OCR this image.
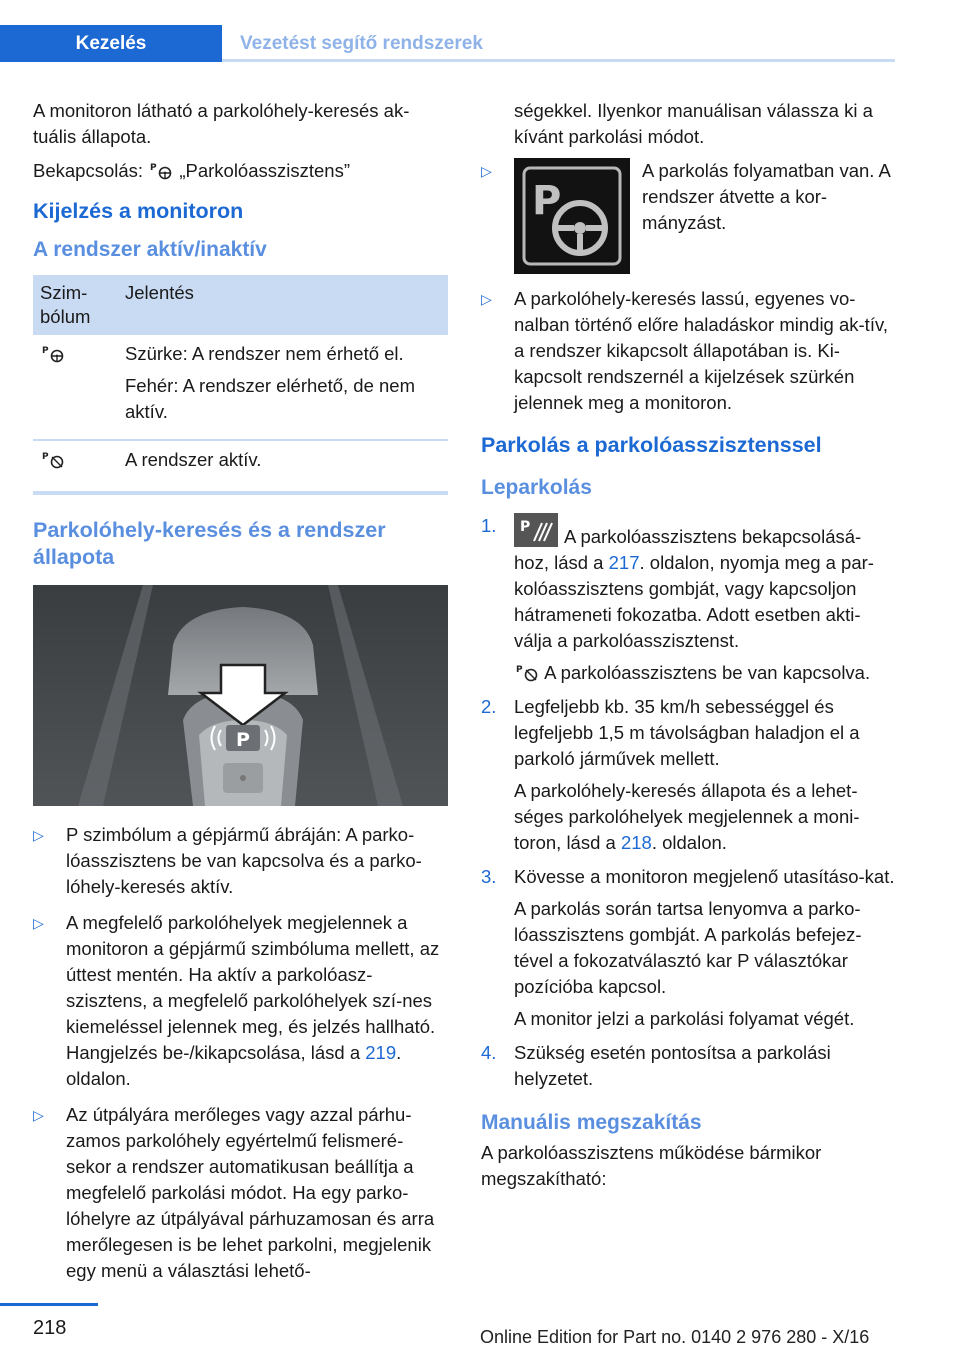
Kezelés	Vezetést segítő rendszerek

A monitoron látható a parkolóhely-keresés ak-tuális állapota.

Bekapcsolás: P „Parkolóasszisztens”

Kijelzés a monitoron
A rendszer aktív/inaktív
Szim-bólum	Jelentés

P	Szürke: A rendszer nem érhető el.

Fehér: A rendszer elérhető, de nem aktív.

P	A rendszer aktív.
Parkolóhely-keresés és a rendszer állapota
P
▷ P szimbólum a gépjármű ábráján: A parko-lóasszisztens be van kapcsolva és a parko-lóhely-keresés aktív.
▷ A megfelelő parkolóhelyek megjelennek a monitoron a gépjármű szimbóluma mellett, az úttest mentén. Ha aktív a parkolóasz-szisztens, a megfelelő parkolóhelyek szí-nes kiemeléssel jelennek meg, és jelzés hallható. Hangjelzés be-/kikapcsolása, lásd a 219. oldalon.
▷ Az útpályára merőleges vagy azzal párhu-zamos parkolóhely egyértelmű felismeré-sekor a rendszer automatikusan beállítja a megfelelő parkolási módot. Ha egy parko-lóhelyre az útpályával párhuzamosan és arra merőlegesen is be lehet parkolni, megjelenik egy menü a választási lehető-

ségekkel. Ilyenkor manuálisan válassza ki a kívánt parkolási módot.

▷
P
A parkolás folyamatban van. A rendszer átvette a kor-mányzást.
▷ A parkolóhely-keresés lassú, egyenes vo-nalban történő előre haladáskor mindig ak-tív, a rendszer kikapcsolt állapotában is. Ki-kapcsolt rendszernél a kijelzések szürkén jelennek meg a monitoron.
Parkolás a parkolóasszisztenssel
Leparkolás
1. P A parkolóasszisztens bekapcsolásá-hoz, lásd a 217. oldalon, nyomja meg a par-kolóasszisztens gombját, vagy kapcsoljon hátrameneti fokozatba. Adott esetben akti-válja a parkolóasszisztenst.
P A parkolóasszisztens be van kapcsolva.
2. Legfeljebb kb. 35 km/h sebességgel és legfeljebb 1,5 m távolságban haladjon el a parkoló járművek mellett.
A parkolóhely-keresés állapota és a lehet-séges parkolóhelyek megjelennek a moni-toron, lásd a 218. oldalon.
3. Kövesse a monitoron megjelenő utasításo-kat.
A parkolás során tartsa lenyomva a parko-lóasszisztens gombját. A parkolás befejez-tével a fokozatválasztó kar P választókar pozícióba kapcsol.
A monitor jelzi a parkolási folyamat végét.
4. Szükség esetén pontosítsa a parkolási helyzetet.
Manuális megszakítás

A parkolóasszisztens működése bármikor megszakítható:

218	Online Edition for Part no. 0140 2 976 280 - X/16
